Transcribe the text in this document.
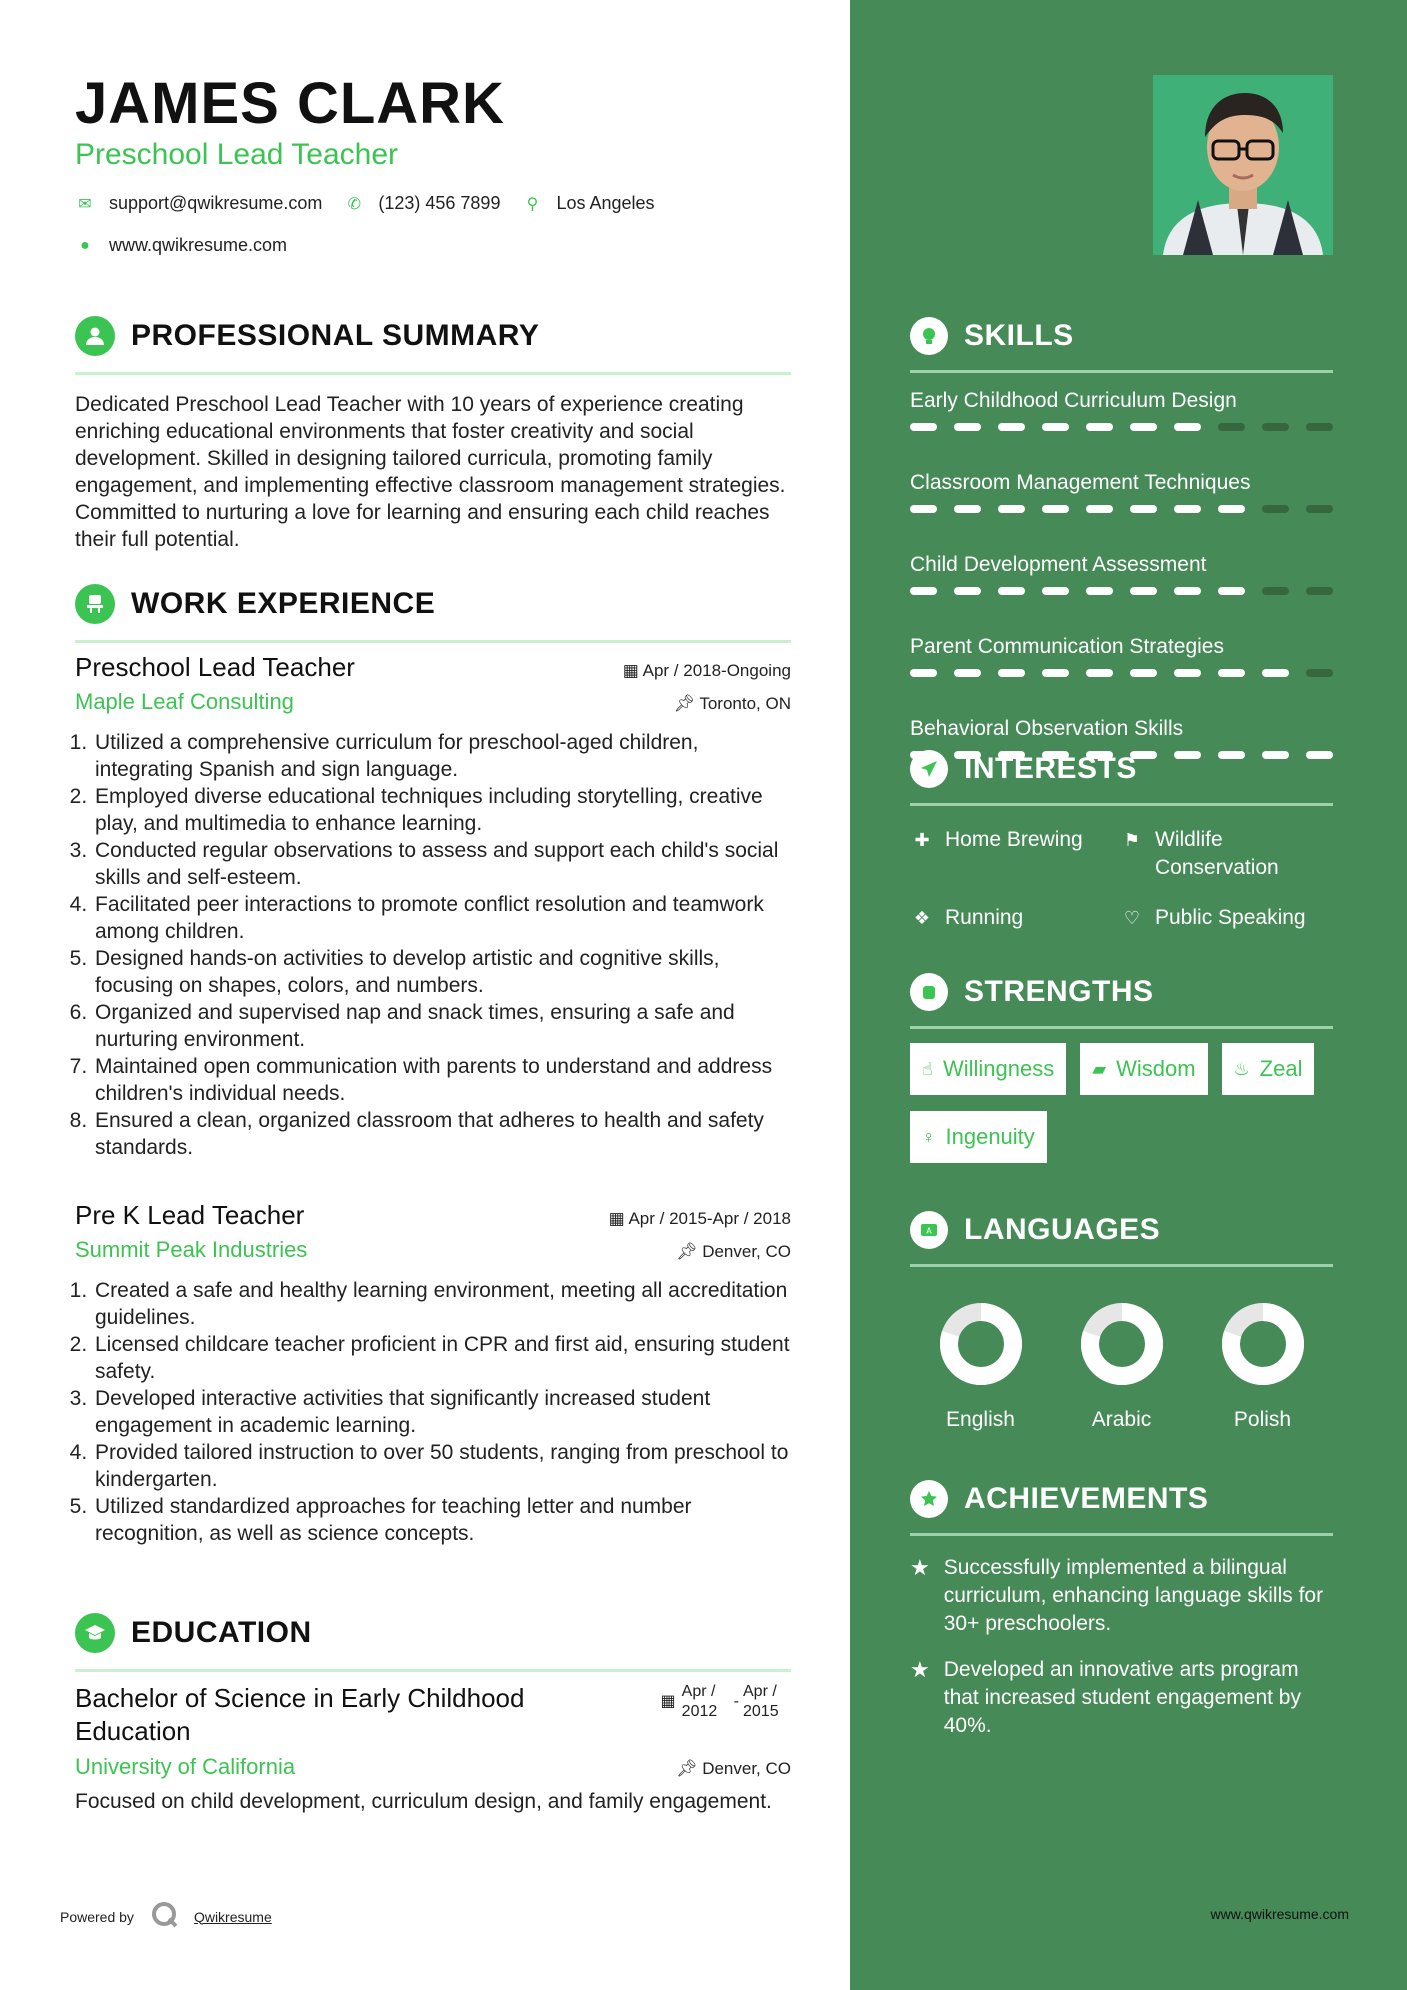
JAMES CLARK
Preschool Lead Teacher
✉ support@qwikresume.com ✆ (123) 456 7899 ⚲ Los Angeles
● www.qwikresume.com
PROFESSIONAL SUMMARY
Dedicated Preschool Lead Teacher with 10 years of experience creating enriching educational environments that foster creativity and social development. Skilled in designing tailored curricula, promoting family engagement, and implementing effective classroom management strategies. Committed to nurturing a love for learning and ensuring each child reaches their full potential.
WORK EXPERIENCE
Preschool Lead Teacher	▦ Apr / 2018-Ongoing
Maple Leaf Consulting	📌︎ Toronto, ON
1. Utilized a comprehensive curriculum for preschool-aged children, integrating Spanish and sign language.
2. Employed diverse educational techniques including storytelling, creative play, and multimedia to enhance learning.
3. Conducted regular observations to assess and support each child's social skills and self-esteem.
4. Facilitated peer interactions to promote conflict resolution and teamwork among children.
5. Designed hands-on activities to develop artistic and cognitive skills, focusing on shapes, colors, and numbers.
6. Organized and supervised nap and snack times, ensuring a safe and nurturing environment.
7. Maintained open communication with parents to understand and address children's individual needs.
8. Ensured a clean, organized classroom that adheres to health and safety standards.
Pre K Lead Teacher	▦ Apr / 2015-Apr / 2018
Summit Peak Industries	📌︎ Denver, CO
1. Created a safe and healthy learning environment, meeting all accreditation guidelines.
2. Licensed childcare teacher proficient in CPR and first aid, ensuring student safety.
3. Developed interactive activities that significantly increased student engagement in academic learning.
4. Provided tailored instruction to over 50 students, ranging from preschool to kindergarten.
5. Utilized standardized approaches for teaching letter and number recognition, as well as science concepts.
EDUCATION
Bachelor of Science in Early Childhood Education
▦
Apr / 2012
-
Apr / 2015
University of California	📌︎ Denver, CO
Focused on child development, curriculum design, and family engagement.
SKILLS
Early Childhood Curriculum Design
Classroom Management Techniques
Child Development Assessment
Parent Communication Strategies
Behavioral Observation Skills
INTERESTS
✚ Home Brewing ⚑ Wildlife Conservation
❖ Running	♡ Public Speaking
STRENGTHS
☝ Willingness ▰ Wisdom ♨ Zeal
♀ Ingenuity
A LANGUAGES
English	Arabic	Polish
ACHIEVEMENTS
★ Successfully implemented a bilingual curriculum, enhancing language skills for 30+ preschoolers.
★ Developed an innovative arts program that increased student engagement by 40%.
Powered by	Qwikresume	www.qwikresume.com
